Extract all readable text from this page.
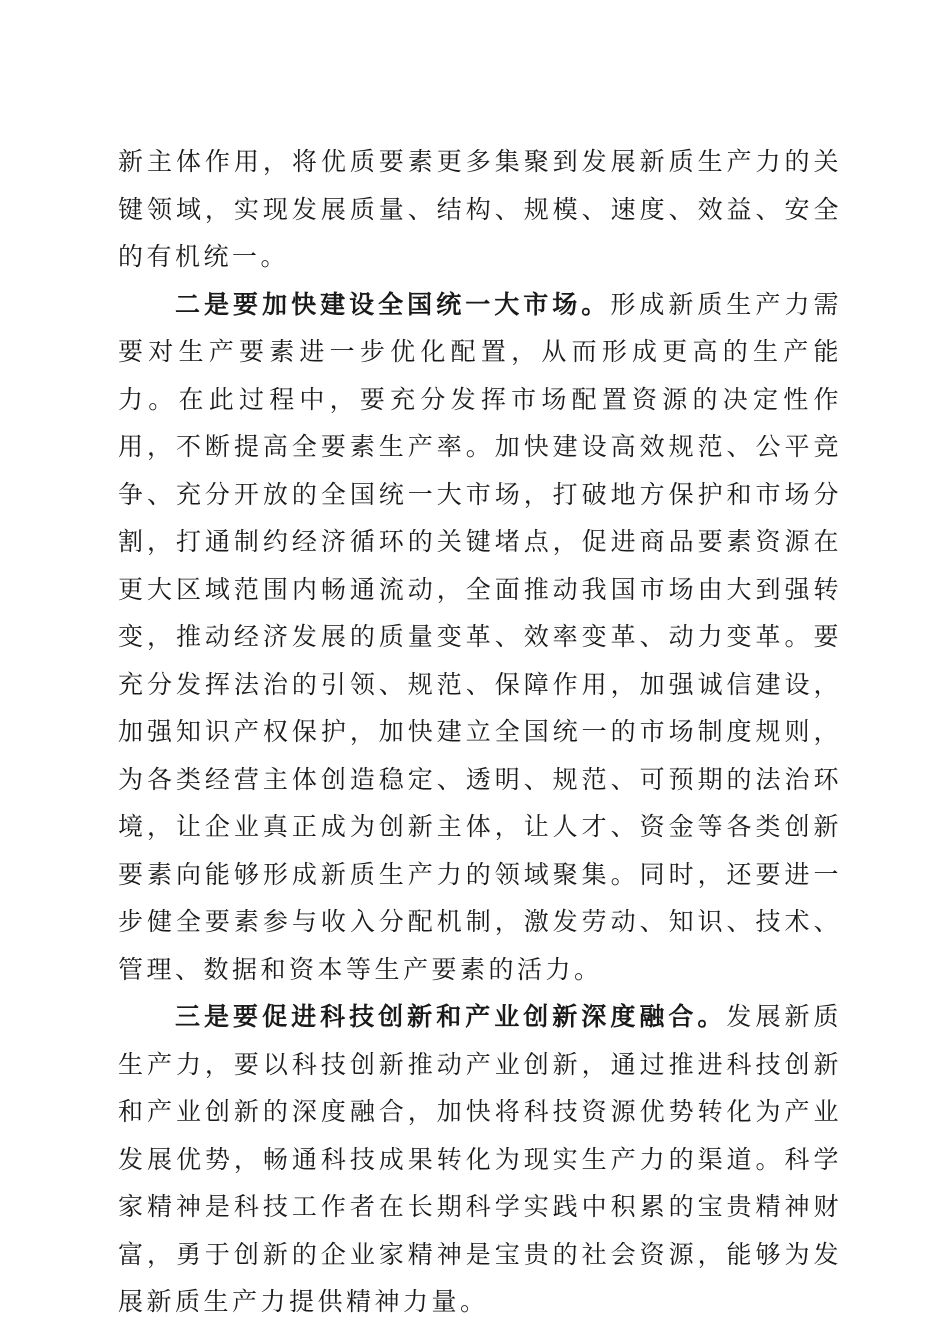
新主体作用，将优质要素更多集聚到发展新质生产力的关键领域，实现发展质量、结构、规模、速度、效益、安全的有机统一。

二是要加快建设全国统一大市场。形成新质生产力需要对生产要素进一步优化配置，从而形成更高的生产能力。在此过程中，要充分发挥市场配置资源的决定性作用，不断提高全要素生产率。加快建设高效规范、公平竞争、充分开放的全国统一大市场，打破地方保护和市场分割，打通制约经济循环的关键堵点，促进商品要素资源在更大区域范围内畅通流动，全面推动我国市场由大到强转变，推动经济发展的质量变革、效率变革、动力变革。要充分发挥法治的引领、规范、保障作用，加强诚信建设，加强知识产权保护，加快建立全国统一的市场制度规则，为各类经营主体创造稳定、透明、规范、可预期的法治环境，让企业真正成为创新主体，让人才、资金等各类创新要素向能够形成新质生产力的领域聚集。同时，还要进一步健全要素参与收入分配机制，激发劳动、知识、技术、管理、数据和资本等生产要素的活力。

三是要促进科技创新和产业创新深度融合。发展新质生产力，要以科技创新推动产业创新，通过推进科技创新和产业创新的深度融合，加快将科技资源优势转化为产业发展优势，畅通科技成果转化为现实生产力的渠道。科学家精神是科技工作者在长期科学实践中积累的宝贵精神财富，勇于创新的企业家精神是宝贵的社会资源，能够为发展新质生产力提供精神力量。
